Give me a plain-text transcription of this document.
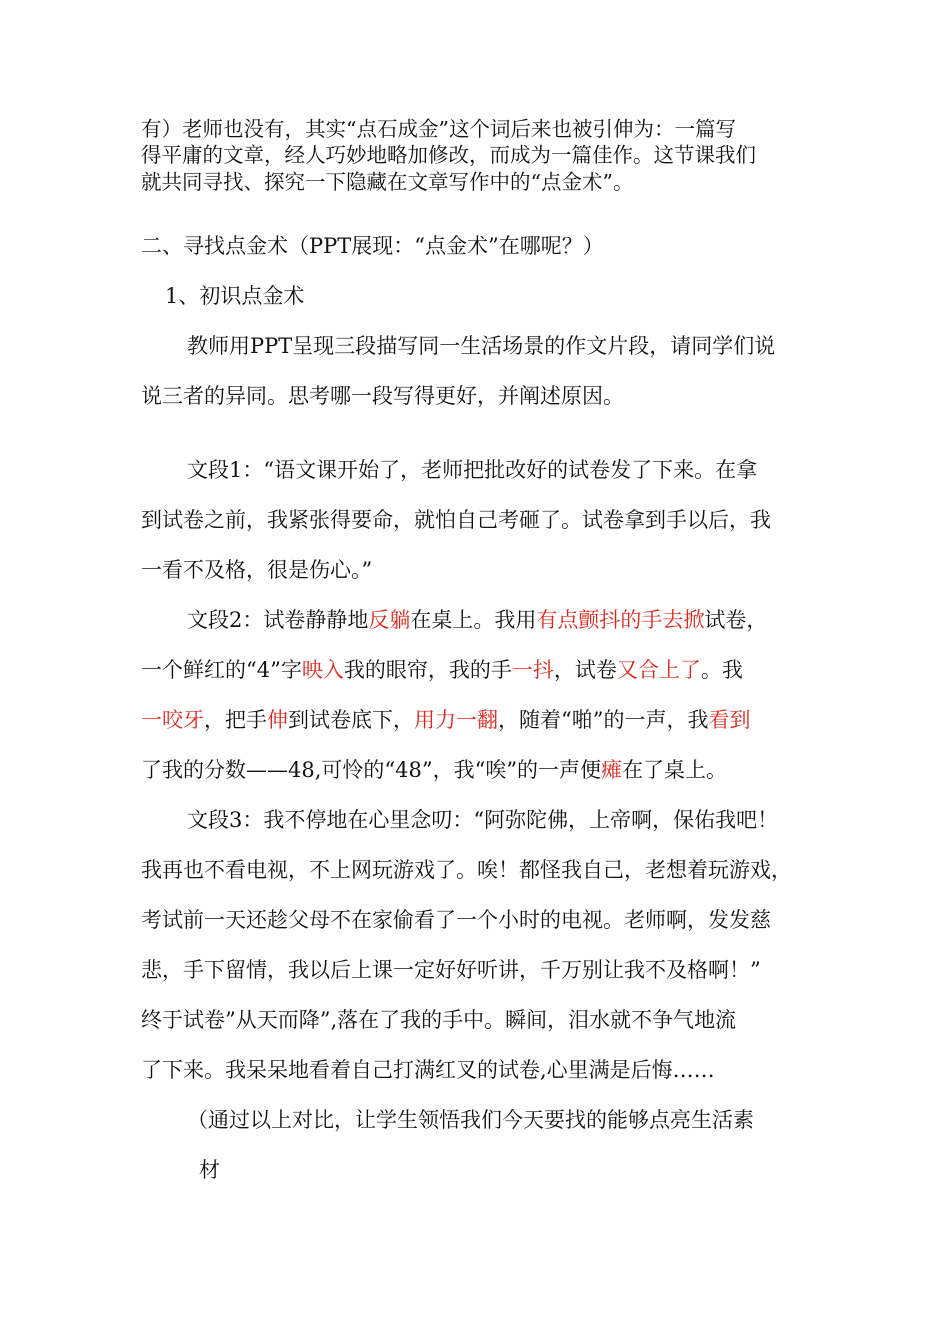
有）老师也没有，其实“点石成金”这个词后来也被引伸为：一篇写
得平庸的文章，经人巧妙地略加修改，而成为一篇佳作。这节课我们
就共同寻找、探究一下隐藏在文章写作中的“点金术”。
二、寻找点金术（PPT展现：“点金术”在哪呢？）
1、初识点金术
教师用PPT呈现三段描写同一生活场景的作文片段，请同学们说
说三者的异同。思考哪一段写得更好，并阐述原因。
文段1：“语文课开始了，老师把批改好的试卷发了下来。在拿
到试卷之前，我紧张得要命，就怕自己考砸了。试卷拿到手以后，我
一看不及格，很是伤心。”
文段2：试卷静静地反躺在桌上。我用有点颤抖的手去掀试卷，
一个鲜红的“4”字映入我的眼帘，我的手一抖，试卷又合上了。我
一咬牙，把手伸到试卷底下，用力一翻，随着“啪”的一声，我看到
了我的分数——48,可怜的“48”，我“唉”的一声便瘫在了桌上。
文段3：我不停地在心里念叨：“阿弥陀佛，上帝啊，保佑我吧！
我再也不看电视，不上网玩游戏了。唉！都怪我自己，老想着玩游戏，
考试前一天还趁父母不在家偷看了一个小时的电视。老师啊，发发慈
悲，手下留情，我以后上课一定好好听讲，千万别让我不及格啊！”
终于试卷”从天而降”,落在了我的手中。瞬间，泪水就不争气地流
了下来。我呆呆地看着自己打满红叉的试卷,心里满是后悔……
（通过以上对比，让学生领悟我们今天要找的能够点亮生活素
材
